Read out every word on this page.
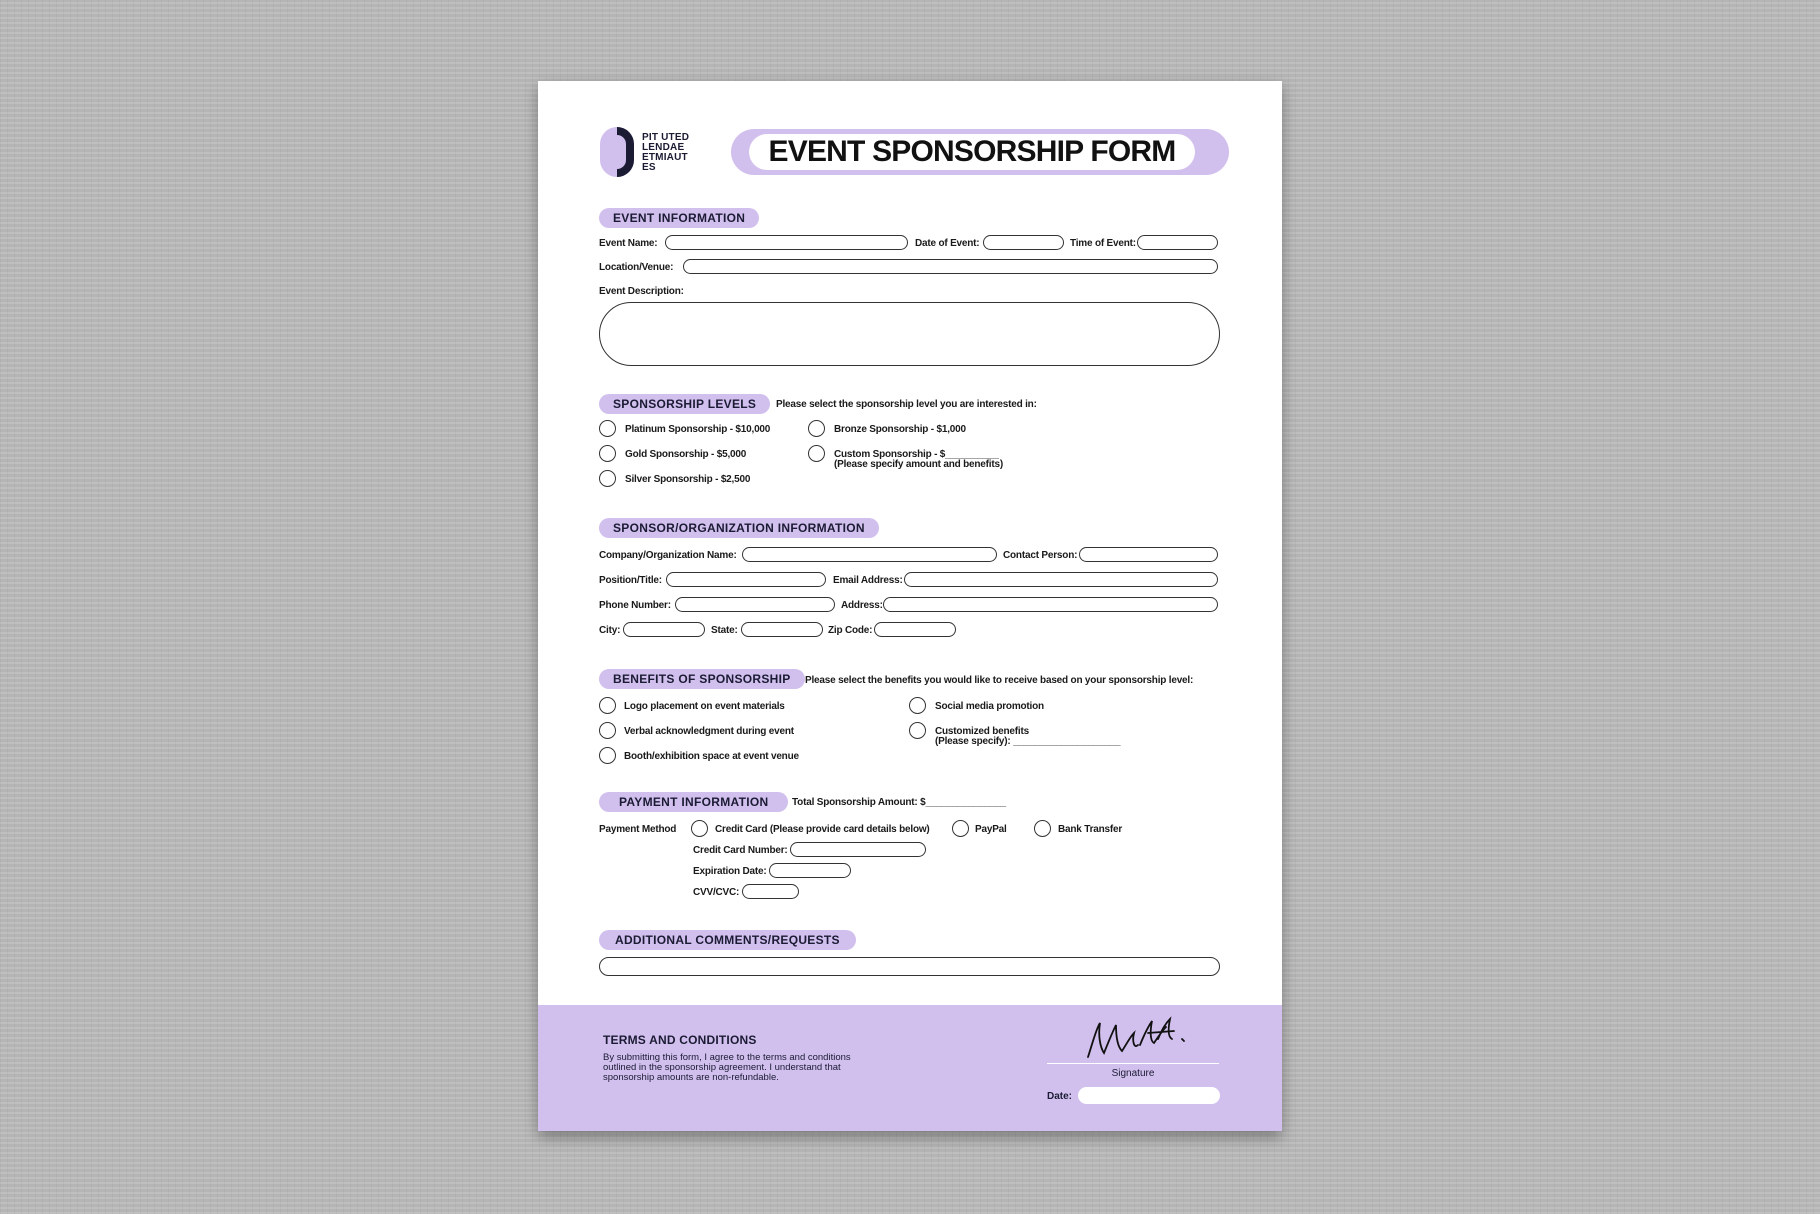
PIT UTED
LENDAE
ETMIAUT
ES	EVENT SPONSORSHIP FORM
EVENT INFORMATION
Event Name:	Date of Event:	Time of Event:
Location/Venue:
Event Description:
SPONSORSHIP LEVELS	Please select the sponsorship level you are interested in:
Platinum Sponsorship - $10,000
Gold Sponsorship - $5,000
Silver Sponsorship - $2,500
Bronze Sponsorship - $1,000
Custom Sponsorship - $__________
(Please specify amount and benefits)
SPONSOR/ORGANIZATION INFORMATION
Company/Organization Name:	Contact Person:
Position/Title:	Email Address:
Phone Number:	Address:
City:	State:	Zip Code:
BENEFITS OF SPONSORSHIP	Please select the benefits you would like to receive based on your sponsorship level:
Logo placement on event materials
Verbal acknowledgment during event
Booth/exhibition space at event venue
Social media promotion
Customized benefits
(Please specify): ____________________
PAYMENT INFORMATION	Total Sponsorship Amount: $_______________
Payment Method	Credit Card (Please provide card details below)	PayPal	Bank Transfer
Credit Card Number:
Expiration Date:
CVV/CVC:
ADDITIONAL COMMENTS/REQUESTS
TERMS AND CONDITIONS
By submitting this form, I agree to the terms and conditions
outlined in the sponsorship agreement. I understand that
sponsorship amounts are non-refundable.	Signature
Date:
